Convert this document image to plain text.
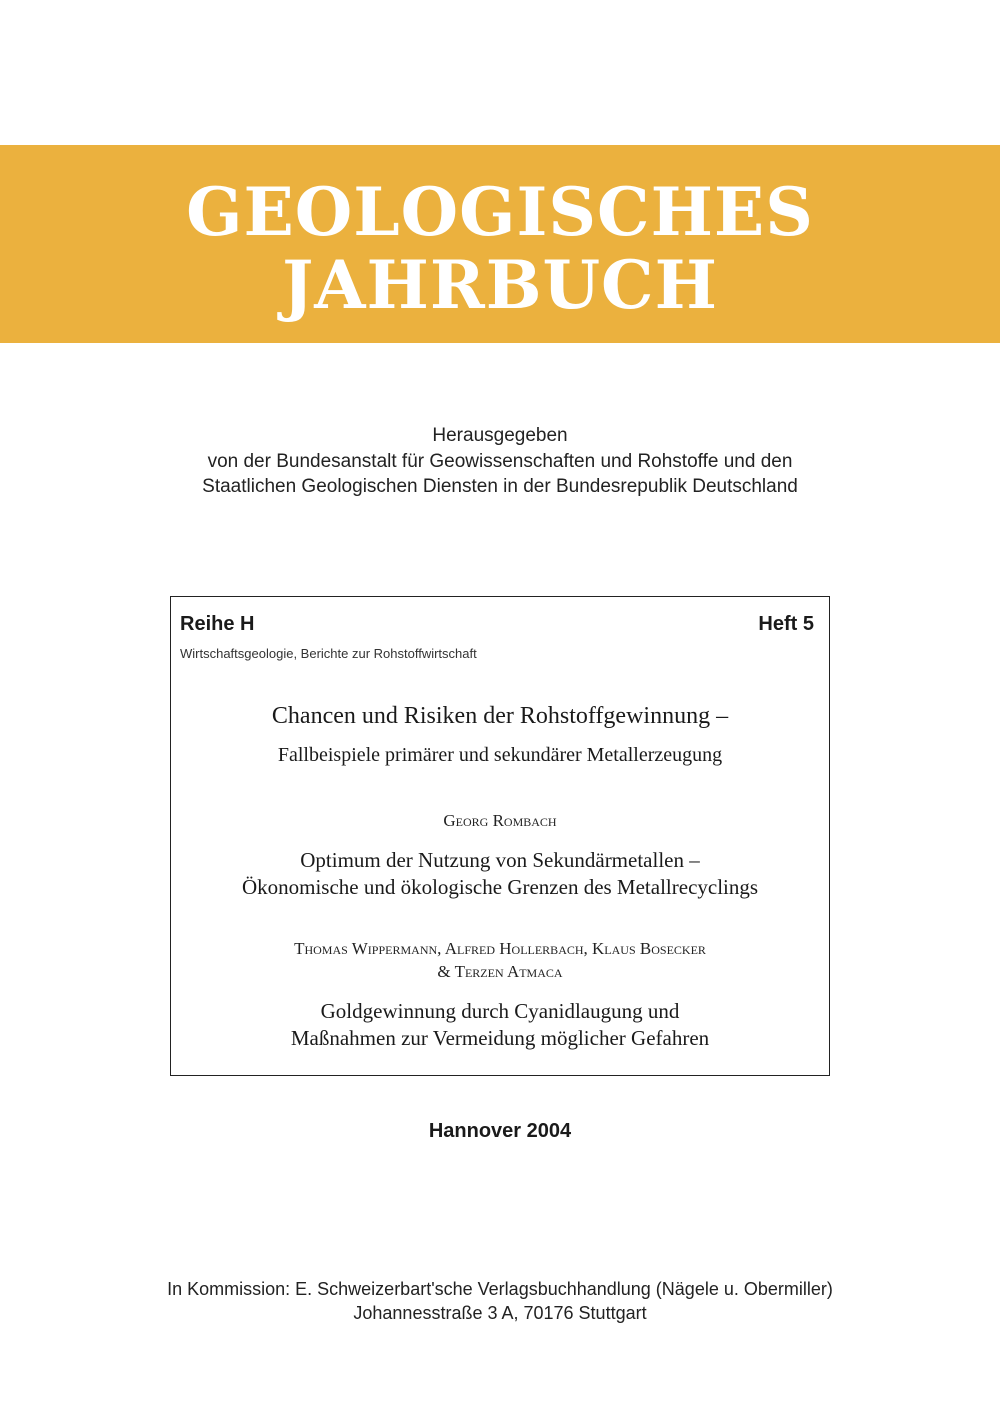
GEOLOGISCHES
JAHRBUCH
Herausgegeben
von der Bundesanstalt für Geowissenschaften und Rohstoffe und den
Staatlichen Geologischen Diensten in der Bundesrepublik Deutschland
Reihe H	Heft 5
Wirtschaftsgeologie, Berichte zur Rohstoffwirtschaft
Chancen und Risiken der Rohstoffgewinnung –
Fallbeispiele primärer und sekundärer Metallerzeugung
Georg Rombach
Optimum der Nutzung von Sekundärmetallen –
Ökonomische und ökologische Grenzen des Metallrecyclings
Thomas Wippermann, Alfred Hollerbach, Klaus Bosecker
& Terzen Atmaca
Goldgewinnung durch Cyanidlaugung und
Maßnahmen zur Vermeidung möglicher Gefahren
Hannover 2004
In Kommission: E. Schweizerbart'sche Verlagsbuchhandlung (Nägele u. Obermiller)
Johannesstraße 3 A, 70176 Stuttgart
